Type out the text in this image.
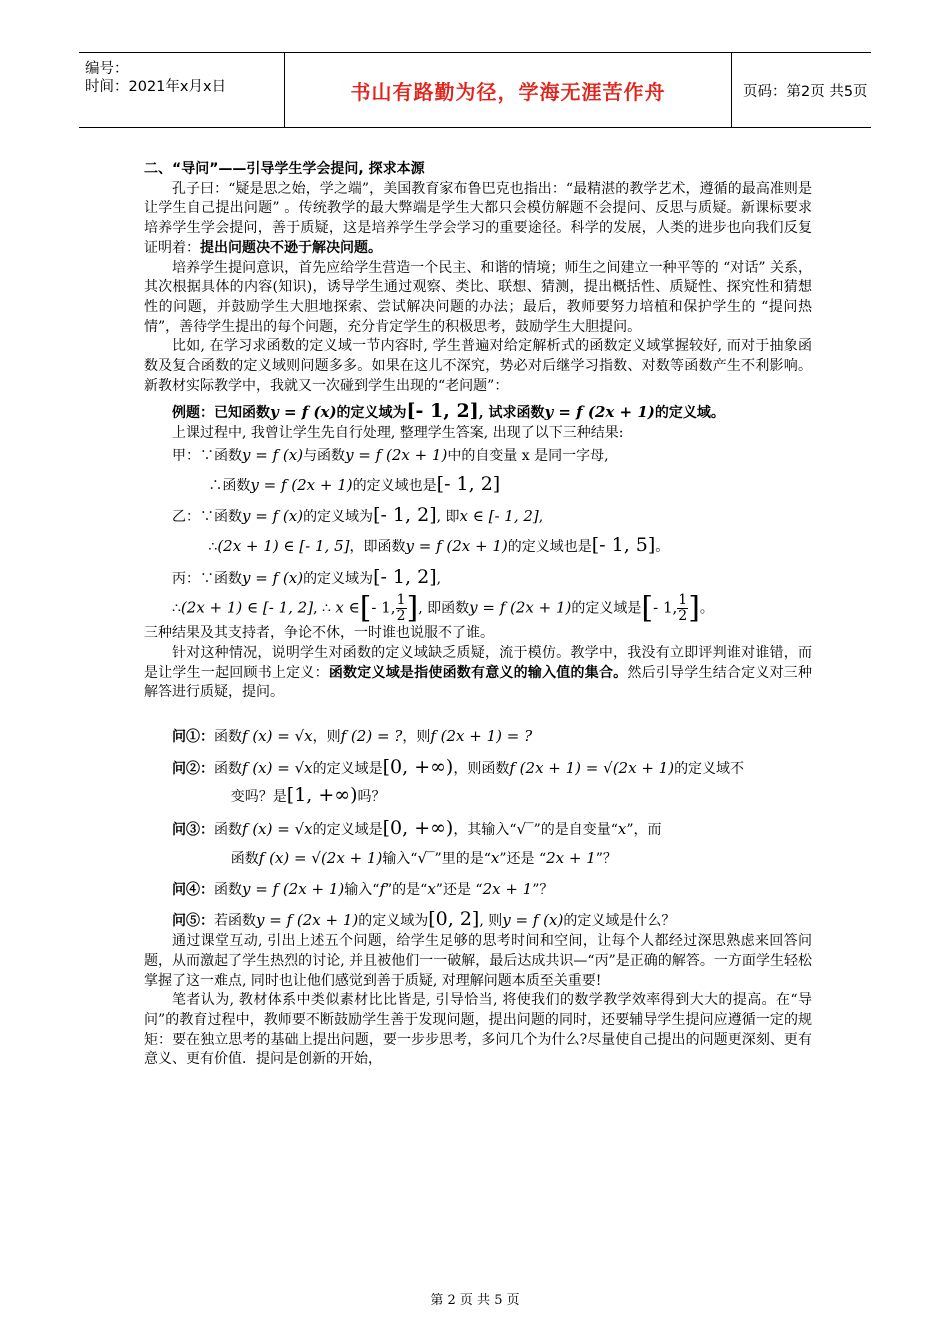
编号：
时间：2021年x月x日	书山有路勤为径，学海无涯苦作舟	页码：第2页 共5页

二、“导问”——引导学生学会提问, 探求本源

孔子曰：“疑是思之始，学之端”，美国教育家布鲁巴克也指出：“最精湛的教学艺术，遵循的最高准则是让学生自己提出问题” 。传统教学的最大弊端是学生大都只会模仿解题不会提问、反思与质疑。新课标要求培养学生学会提问，善于质疑，这是培养学生学会学习的重要途径。科学的发展，人类的进步也向我们反复证明着：提出问题决不逊于解决问题。

培养学生提问意识，首先应给学生营造一个民主、和谐的情境；师生之间建立一种平等的 “对话” 关系，其次根据具体的内容(知识)，诱导学生通过观察、类比、联想、猜测，提出概括性、质疑性、探究性和猜想性的问题，并鼓励学生大胆地探索、尝试解决问题的办法；最后，教师要努力培植和保护学生的 “提问热情”，善待学生提出的每个问题，充分肯定学生的积极思考，鼓励学生大胆提问。

比如, 在学习求函数的定义域一节内容时, 学生普遍对给定解析式的函数定义域掌握较好, 而对于抽象函数及复合函数的定义域则问题多多。如果在这儿不深究，势必对后继学习指数、对数等函数产生不利影响。新教材实际教学中，我就又一次碰到学生出现的“老问题”：

例题：已知函数y = f (x)的定义域为[- 1, 2], 试求函数y = f (2x + 1)的定义域。

上课过程中, 我曾让学生先自行处理, 整理学生答案, 出现了以下三种结果:

甲：∵函数y = f (x)与函数y = f (2x + 1)中的自变量 x 是同一字母,

∴函数y = f (2x + 1)的定义域也是[- 1, 2]

乙：∵函数y = f (x)的定义域为[- 1, 2], 即x ∈ [- 1, 2],

∴(2x + 1) ∈ [- 1, 5]，即函数y = f (2x + 1)的定义域也是[- 1, 5]。

丙：∵函数y = f (x)的定义域为[- 1, 2],

∴(2x + 1) ∈ [- 1, 2], ∴ x ∈[- 1, $\frac{1}{2}$ ], 即函数y = f (2x + 1)的定义域是[- 1, $\frac{1}{2}$ ]。

三种结果及其支持者，争论不休，一时谁也说服不了谁。

针对这种情况，说明学生对函数的定义域缺乏质疑，流于模仿。教学中，我没有立即评判谁对谁错，而是让学生一起回顾书上定义：函数定义域是指使函数有意义的输入值的集合。然后引导学生结合定义对三种解答进行质疑，提问。

问①：函数f (x) = √x，则f (2) = ?，则f (2x + 1) = ?

问②：函数f (x) = √x的定义域是[0, +∞)，则函数f (2x + 1) = √(2x + 1)的定义域不

变吗？是[1, +∞)吗？

问③：函数f (x) = √x的定义域是[0, +∞)，其输入“√‾”的是自变量“x”，而

函数f (x) = √(2x + 1)输入“√‾”里的是“x”还是 “2x + 1”？

问④：函数y = f (2x + 1)输入“f”的是“x”还是 “2x + 1”？

问⑤：若函数y = f (2x + 1)的定义域为[0, 2], 则y = f (x)的定义域是什么？

通过课堂互动, 引出上述五个问题，给学生足够的思考时间和空间，让每个人都经过深思熟虑来回答问题，从而激起了学生热烈的讨论, 并且被他们一一破解，最后达成共识—“丙”是正确的解答。一方面学生轻松掌握了这一难点, 同时也让他们感觉到善于质疑, 对理解问题本质至关重要!

笔者认为, 教材体系中类似素材比比皆是, 引导恰当, 将使我们的数学教学效率得到大大的提高。在“导问”的教育过程中，教师要不断鼓励学生善于发现问题，提出问题的同时，还要辅导学生提问应遵循一定的规矩：要在独立思考的基础上提出问题，要一步步思考，多问几个为什么?尽量使自己提出的问题更深刻、更有意义、更有价值．提问是创新的开始，

第 2 页 共 5 页
